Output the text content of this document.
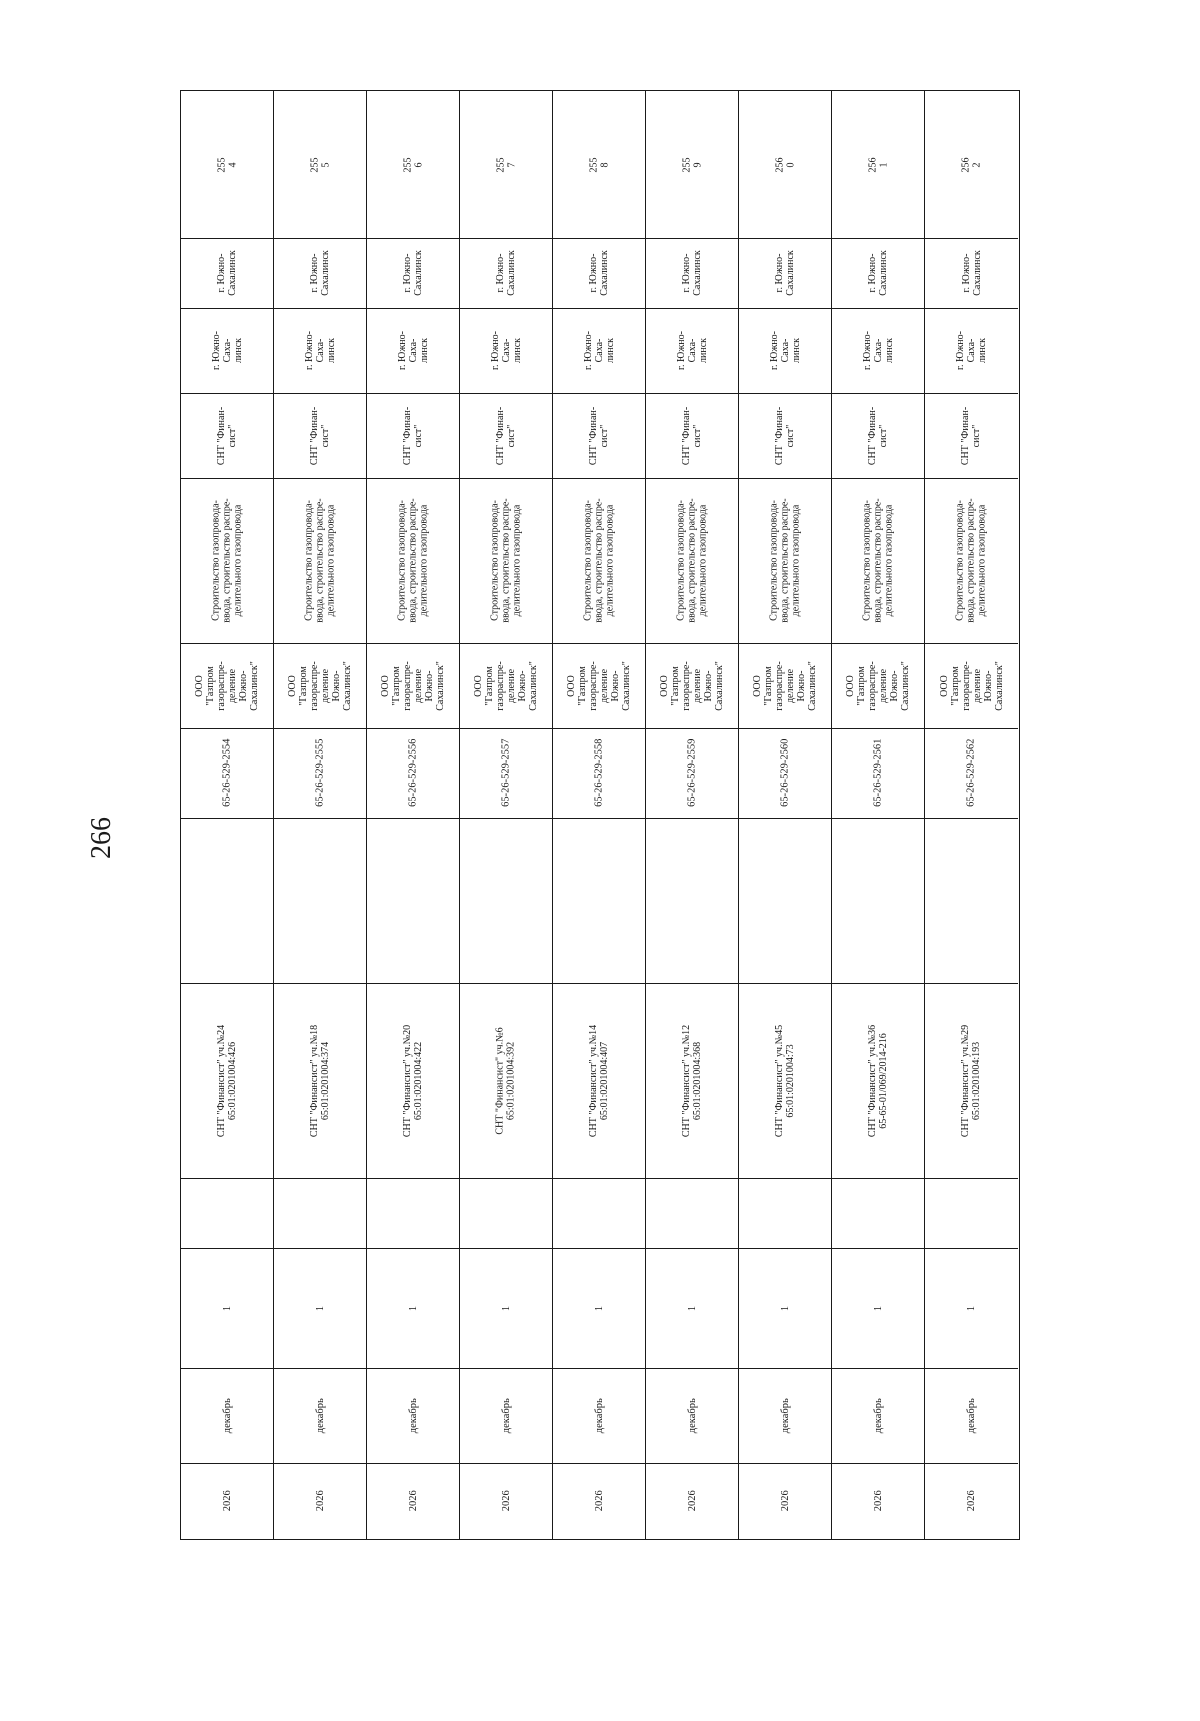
266
2026
декабрь
1
СНТ "Финансист" уч.№24
65:01:0201004:426
65-26-529-2554
ООО
"Газпром
газораспре-
деление
Южно-
Сахалинск"
Строительство газопровода-
ввода, строительство распре-
делительного газопровода
СНТ "Финан-
сист"
г. Южно-
Саха-
линск
г. Южно-
Сахалинск
255
4
2026
декабрь
1
СНТ "Финансист" уч.№18
65:01:0201004:374
65-26-529-2555
ООО
"Газпром
газораспре-
деление
Южно-
Сахалинск"
Строительство газопровода-
ввода, строительство распре-
делительного газопровода
СНТ "Финан-
сист"
г. Южно-
Саха-
линск
г. Южно-
Сахалинск
255
5
2026
декабрь
1
СНТ "Финансист" уч.№20
65:01:0201004:422
65-26-529-2556
ООО
"Газпром
газораспре-
деление
Южно-
Сахалинск"
Строительство газопровода-
ввода, строительство распре-
делительного газопровода
СНТ "Финан-
сист"
г. Южно-
Саха-
линск
г. Южно-
Сахалинск
255
6
2026
декабрь
1
СНТ "Финансист" уч.№6
65:01:0201004:392
65-26-529-2557
ООО
"Газпром
газораспре-
деление
Южно-
Сахалинск"
Строительство газопровода-
ввода, строительство распре-
делительного газопровода
СНТ "Финан-
сист"
г. Южно-
Саха-
линск
г. Южно-
Сахалинск
255
7
2026
декабрь
1
СНТ "Финансист" уч.№14
65:01:0201004:407
65-26-529-2558
ООО
"Газпром
газораспре-
деление
Южно-
Сахалинск"
Строительство газопровода-
ввода, строительство распре-
делительного газопровода
СНТ "Финан-
сист"
г. Южно-
Саха-
линск
г. Южно-
Сахалинск
255
8
2026
декабрь
1
СНТ "Финансист" уч.№12
65:01:0201004:368
65-26-529-2559
ООО
"Газпром
газораспре-
деление
Южно-
Сахалинск"
Строительство газопровода-
ввода, строительство распре-
делительного газопровода
СНТ "Финан-
сист"
г. Южно-
Саха-
линск
г. Южно-
Сахалинск
255
9
2026
декабрь
1
СНТ "Финансист" уч.№45
65:01:0201004:73
65-26-529-2560
ООО
"Газпром
газораспре-
деление
Южно-
Сахалинск"
Строительство газопровода-
ввода, строительство распре-
делительного газопровода
СНТ "Финан-
сист"
г. Южно-
Саха-
линск
г. Южно-
Сахалинск
256
0
2026
декабрь
1
СНТ "Финансист" уч.№36
65-65-01/069/2014-216
65-26-529-2561
ООО
"Газпром
газораспре-
деление
Южно-
Сахалинск"
Строительство газопровода-
ввода, строительство распре-
делительного газопровода
СНТ "Финан-
сист"
г. Южно-
Саха-
линск
г. Южно-
Сахалинск
256
1
2026
декабрь
1
СНТ "Финансист" уч.№29
65:01:0201004:193
65-26-529-2562
ООО
"Газпром
газораспре-
деление
Южно-
Сахалинск"
Строительство газопровода-
ввода, строительство распре-
делительного газопровода
СНТ "Финан-
сист"
г. Южно-
Саха-
линск
г. Южно-
Сахалинск
256
2
